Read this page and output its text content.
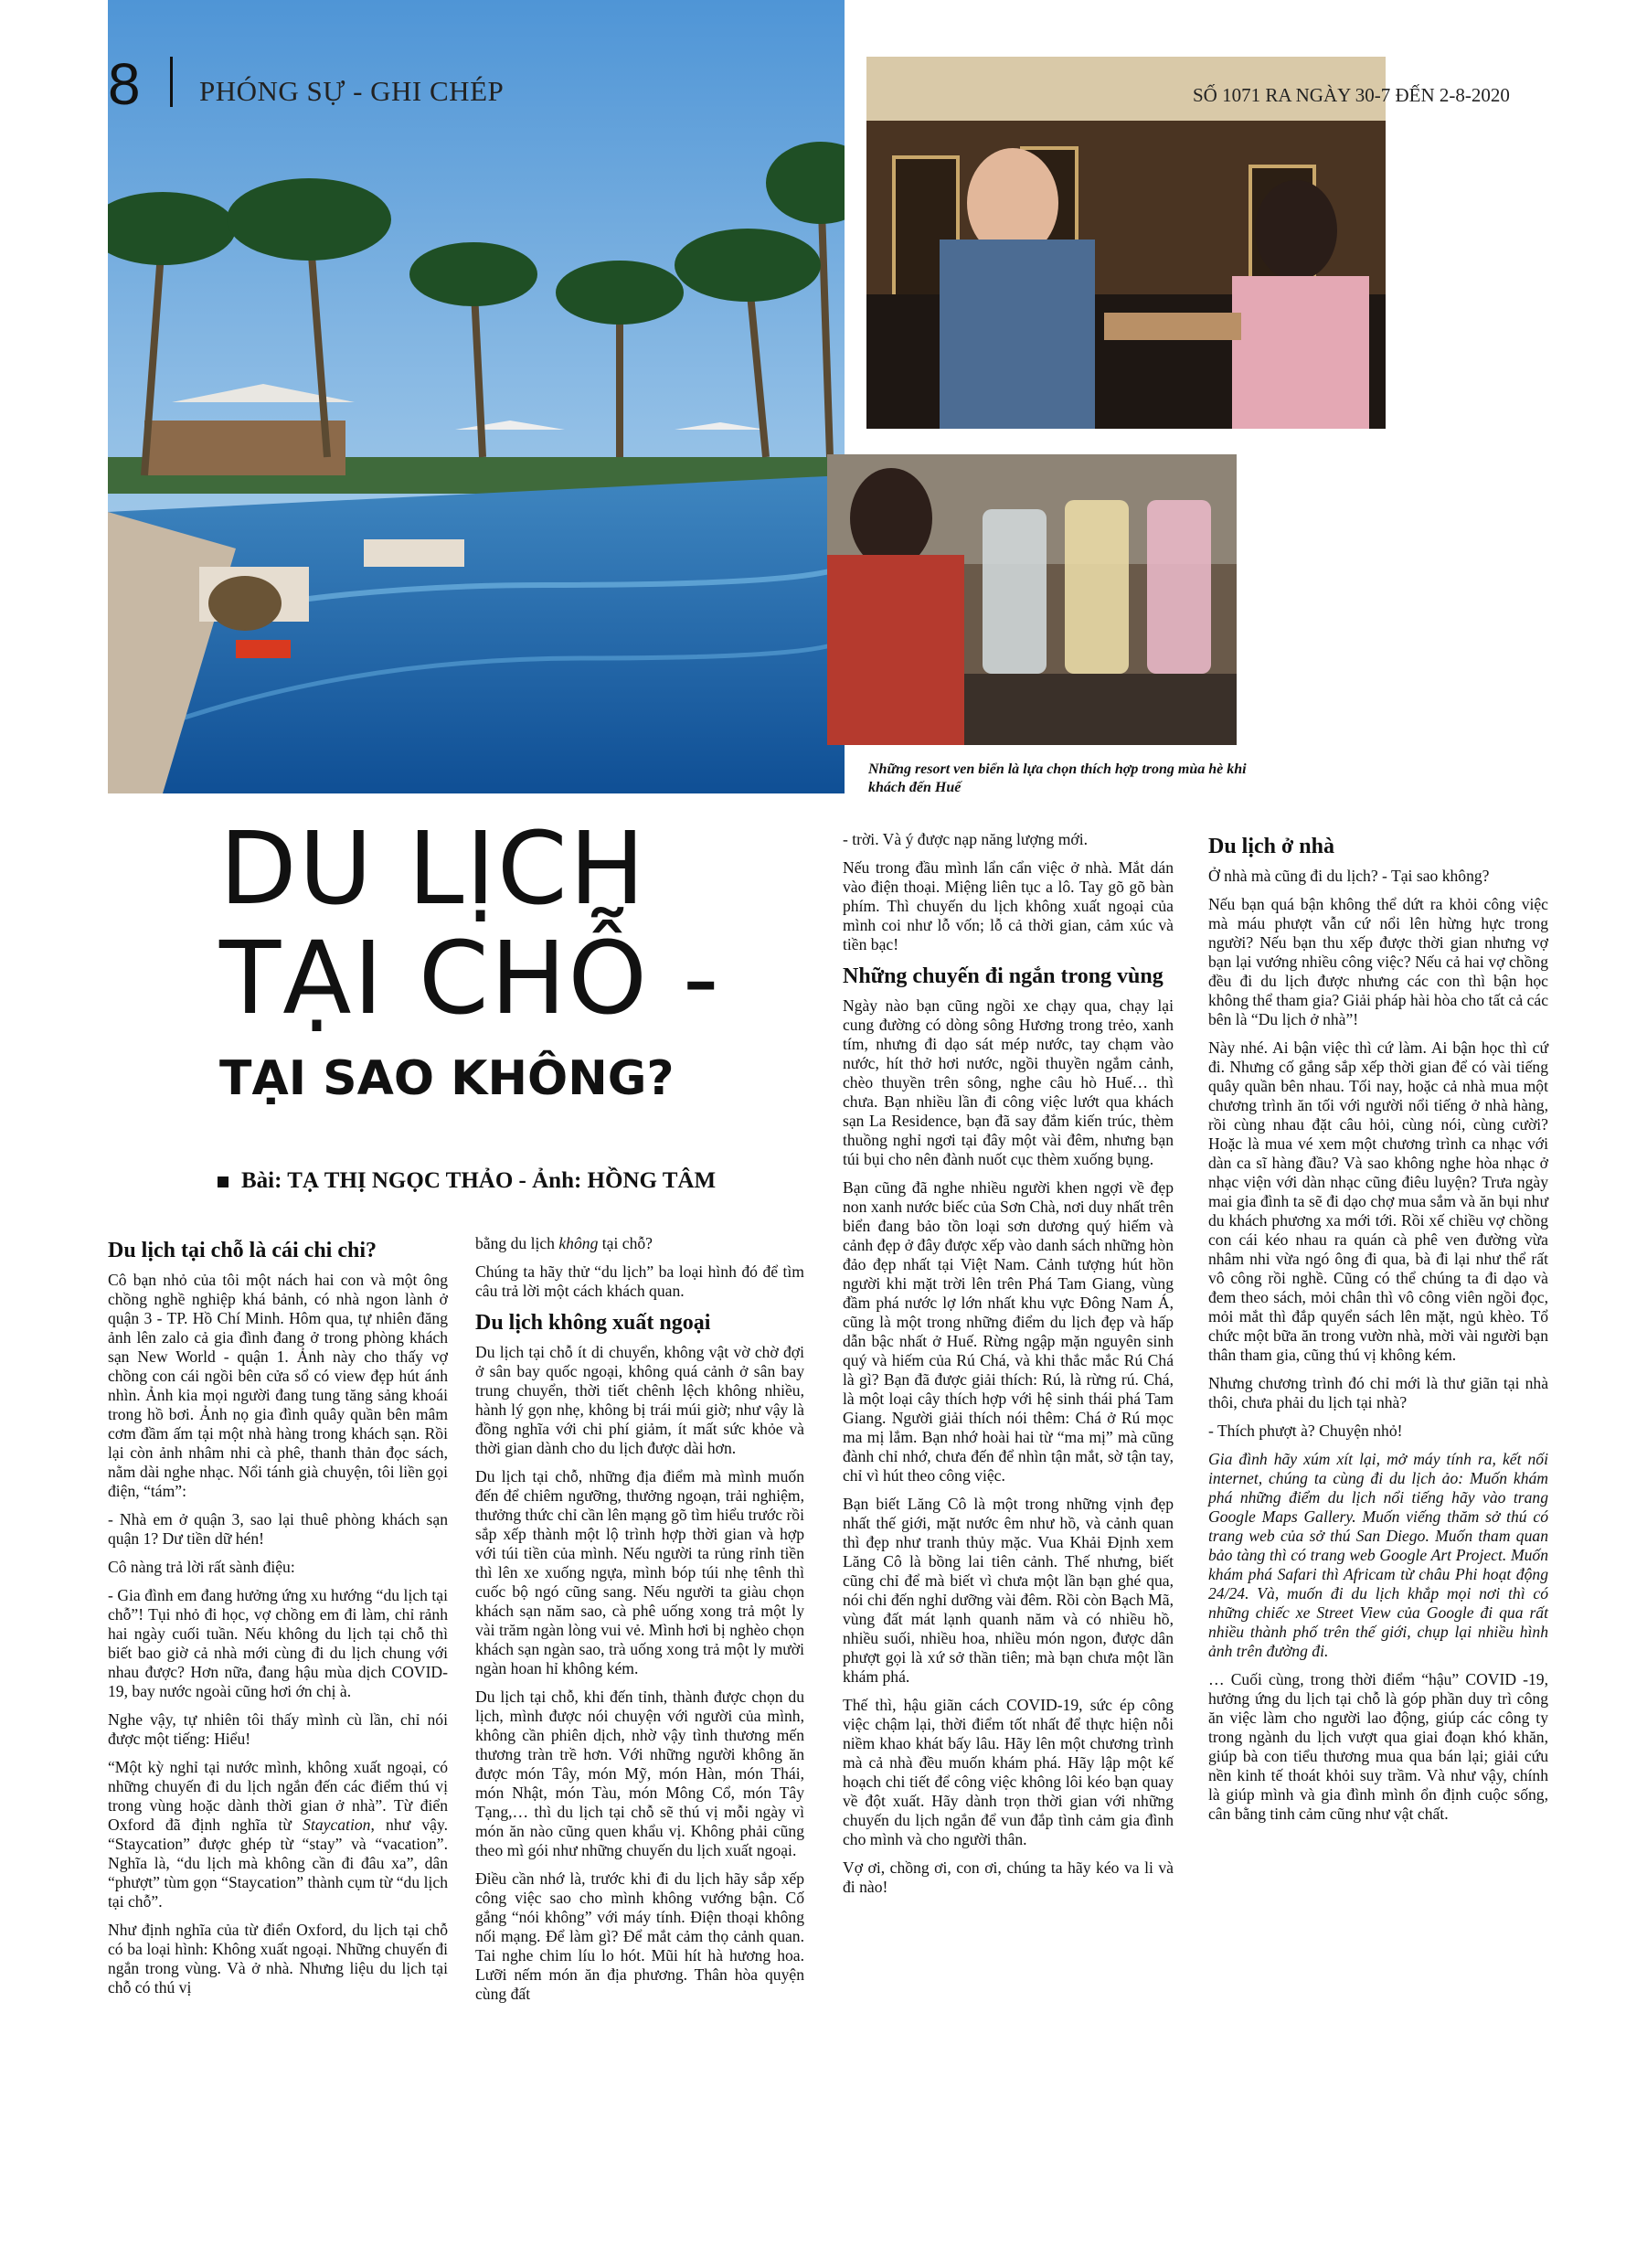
8 PHÓNG SỰ - GHI CHÉP	SỐ 1071 RA NGÀY 30-7 ĐẾN 2-8-2020
Những resort ven biển là lựa chọn thích hợp trong mùa hè khi khách đến Huế
DU LỊCH
TẠI CHỖ -
TẠI SAO KHÔNG?
Bài: TẠ THỊ NGỌC THẢO - Ảnh: HỒNG TÂM
Du lịch tại chỗ là cái chi chi?

Cô bạn nhỏ của tôi một nách hai con và một ông chồng nghề nghiệp khá bảnh, có nhà ngon lành ở quận 3 - TP. Hồ Chí Minh. Hôm qua, tự nhiên đăng ảnh lên zalo cả gia đình đang ở trong phòng khách sạn New World - quận 1. Ảnh này cho thấy vợ chồng con cái ngồi bên cửa sổ có view đẹp hút ánh nhìn. Ảnh kia mọi người đang tung tăng sảng khoái trong hồ bơi. Ảnh nọ gia đình quây quần bên mâm cơm đầm ấm tại một nhà hàng trong khách sạn. Rồi lại còn ảnh nhâm nhi cà phê, thanh thản đọc sách, nằm dài nghe nhạc. Nổi tánh già chuyện, tôi liền gọi điện, “tám”:

- Nhà em ở quận 3, sao lại thuê phòng khách sạn quận 1? Dư tiền dữ hén!

Cô nàng trả lời rất sành điệu:

- Gia đình em đang hưởng ứng xu hướng “du lịch tại chỗ”! Tụi nhỏ đi học, vợ chồng em đi làm, chỉ rảnh hai ngày cuối tuần. Nếu không du lịch tại chỗ thì biết bao giờ cả nhà mới cùng đi du lịch chung với nhau được? Hơn nữa, đang hậu mùa dịch COVID-19, bay nước ngoài cũng hơi ớn chị à.

Nghe vậy, tự nhiên tôi thấy mình cù lần, chỉ nói được một tiếng: Hiểu!

“Một kỳ nghỉ tại nước mình, không xuất ngoại, có những chuyến đi du lịch ngắn đến các điểm thú vị trong vùng hoặc dành thời gian ở nhà”. Từ điển Oxford đã định nghĩa từ Staycation, như vậy. “Staycation” được ghép từ “stay” và “vacation”. Nghĩa là, “du lịch mà không cần đi đâu xa”, dân “phượt” tùm gọn “Staycation” thành cụm từ “du lịch tại chỗ”.

Như định nghĩa của từ điển Oxford, du lịch tại chỗ có ba loại hình: Không xuất ngoại. Những chuyến đi ngắn trong vùng. Và ở nhà. Nhưng liệu du lịch tại chỗ có thú vị

bằng du lịch không tại chỗ?

Chúng ta hãy thử “du lịch” ba loại hình đó để tìm câu trả lời một cách khách quan.

Du lịch không xuất ngoại

Du lịch tại chỗ ít di chuyển, không vật vờ chờ đợi ở sân bay quốc ngoại, không quá cảnh ở sân bay trung chuyển, thời tiết chênh lệch không nhiều, hành lý gọn nhẹ, không bị trái múi giờ; như vậy là đồng nghĩa với chi phí giảm, ít mất sức khỏe và thời gian dành cho du lịch được dài hơn.

Du lịch tại chỗ, những địa điểm mà mình muốn đến để chiêm ngưỡng, thưởng ngoạn, trải nghiệm, thưởng thức chỉ cần lên mạng gõ tìm hiểu trước rồi sắp xếp thành một lộ trình hợp thời gian và hợp với túi tiền của mình. Nếu người ta rủng rỉnh tiền thì lên xe xuống ngựa, mình bóp túi nhẹ tênh thì cuốc bộ ngó cũng sang. Nếu người ta giàu chọn khách sạn năm sao, cà phê uống xong trả một ly vài trăm ngàn lòng vui vẻ. Mình hơi bị nghèo chọn khách sạn ngàn sao, trà uống xong trả một ly mười ngàn hoan hỉ không kém.

Du lịch tại chỗ, khi đến tỉnh, thành được chọn du lịch, mình được nói chuyện với người của mình, không cần phiên dịch, nhờ vậy tình thương mến thương tràn trề hơn. Với những người không ăn được món Tây, món Mỹ, món Hàn, món Thái, món Nhật, món Tàu, món Mông Cổ, món Tây Tạng,… thì du lịch tại chỗ sẽ thú vị mỗi ngày vì món ăn nào cũng quen khẩu vị. Không phải cũng theo mì gói như những chuyến du lịch xuất ngoại.

Điều cần nhớ là, trước khi đi du lịch hãy sắp xếp công việc sao cho mình không vướng bận. Cố gắng “nói không” với máy tính. Điện thoại không nối mạng. Để làm gì? Để mắt cảm thọ cảnh quan. Tai nghe chim líu lo hót. Mũi hít hà hương hoa. Lưỡi nếm món ăn địa phương. Thân hòa quyện cùng đất

- trời. Và ý được nạp năng lượng mới.

Nếu trong đầu mình lẩn cẩn việc ở nhà. Mắt dán vào điện thoại. Miệng liên tục a lô. Tay gõ gõ bàn phím. Thì chuyến du lịch không xuất ngoại của mình coi như lỗ vốn; lỗ cả thời gian, cảm xúc và tiền bạc!

Những chuyến đi ngắn trong vùng

Ngày nào bạn cũng ngồi xe chạy qua, chạy lại cung đường có dòng sông Hương trong trẻo, xanh tím, nhưng đi dạo sát mép nước, tay chạm vào nước, hít thở hơi nước, ngồi thuyền ngắm cảnh, chèo thuyền trên sông, nghe câu hò Huế… thì chưa. Bạn nhiều lần đi công việc lướt qua khách sạn La Residence, bạn đã say đắm kiến trúc, thèm thuồng nghỉ ngơi tại đây một vài đêm, nhưng bạn túi bụi cho nên đành nuốt cục thèm xuống bụng.

Bạn cũng đã nghe nhiều người khen ngợi về đẹp non xanh nước biếc của Sơn Chà, nơi duy nhất trên biển đang bảo tồn loại sơn dương quý hiếm và cảnh đẹp ở đây được xếp vào danh sách những hòn đảo đẹp nhất tại Việt Nam. Cảnh tượng hút hồn người khi mặt trời lên trên Phá Tam Giang, vùng đầm phá nước lợ lớn nhất khu vực Đông Nam Á, cũng là một trong những điểm du lịch đẹp và hấp dẫn bậc nhất ở Huế. Rừng ngập mặn nguyên sinh quý và hiếm của Rú Chá, và khi thắc mắc Rú Chá là gì? Bạn đã được giải thích: Rú, là rừng rú. Chá, là một loại cây thích hợp với hệ sinh thái phá Tam Giang. Người giải thích nói thêm: Chá ở Rú mọc ma mị lắm. Bạn nhớ hoài hai từ “ma mị” mà cũng đành chỉ nhớ, chưa đến để nhìn tận mắt, sờ tận tay, chỉ vì hút theo công việc.

Bạn biết Lăng Cô là một trong những vịnh đẹp nhất thế giới, mặt nước êm như hồ, và cảnh quan thì đẹp như tranh thủy mặc. Vua Khải Định xem Lăng Cô là bồng lai tiên cảnh. Thế nhưng, biết cũng chỉ để mà biết vì chưa một lần bạn ghé qua, nói chi đến nghỉ dưỡng vài đêm. Rồi còn Bạch Mã, vùng đất mát lạnh quanh năm và có nhiều hồ, nhiều suối, nhiều hoa, nhiều món ngon, được dân phượt gọi là xứ sở thần tiên; mà bạn chưa một lần khám phá.

Thế thì, hậu giãn cách COVID-19, sức ép công việc chậm lại, thời điểm tốt nhất để thực hiện nỗi niềm khao khát bấy lâu. Hãy lên một chương trình mà cả nhà đều muốn khám phá. Hãy lập một kế hoạch chi tiết để công việc không lôi kéo bạn quay về đột xuất. Hãy dành trọn thời gian với những chuyến du lịch ngắn để vun đắp tình cảm gia đình cho mình và cho người thân.

Vợ ơi, chồng ơi, con ơi, chúng ta hãy kéo va li và đi nào!

Du lịch ở nhà

Ở nhà mà cũng đi du lịch? - Tại sao không?

Nếu bạn quá bận không thể dứt ra khỏi công việc mà máu phượt vẫn cứ nổi lên hừng hực trong người? Nếu bạn thu xếp được thời gian nhưng vợ bạn lại vướng nhiều công việc? Nếu cả hai vợ chồng đều đi du lịch được nhưng các con thì bận học không thể tham gia? Giải pháp hài hòa cho tất cả các bên là “Du lịch ở nhà”!

Này nhé. Ai bận việc thì cứ làm. Ai bận học thì cứ đi. Nhưng cố gắng sắp xếp thời gian để có vài tiếng quây quần bên nhau. Tối nay, hoặc cả nhà mua một chương trình ăn tối với người nổi tiếng ở nhà hàng, rồi cùng nhau đặt câu hỏi, cùng nói, cùng cười? Hoặc là mua vé xem một chương trình ca nhạc với dàn ca sĩ hàng đầu? Và sao không nghe hòa nhạc ở nhạc viện với dàn nhạc cũng điêu luyện? Trưa ngày mai gia đình ta sẽ đi dạo chợ mua sắm và ăn bụi như du khách phương xa mới tới. Rồi xế chiều vợ chồng con cái kéo nhau ra quán cà phê ven đường vừa nhâm nhi vừa ngó ông đi qua, bà đi lại như thể rất vô công rồi nghề. Cũng có thể chúng ta đi dạo và đem theo sách, mỏi chân thì vô công viên ngồi đọc, mỏi mắt thì đắp quyển sách lên mặt, ngủ khèo. Tổ chức một bữa ăn trong vườn nhà, mời vài người bạn thân tham gia, cũng thú vị không kém.

Nhưng chương trình đó chỉ mới là thư giãn tại nhà thôi, chưa phải du lịch tại nhà?

- Thích phượt à? Chuyện nhỏ!

Gia đình hãy xúm xít lại, mở máy tính ra, kết nối internet, chúng ta cùng đi du lịch ảo: Muốn khám phá những điểm du lịch nổi tiếng hãy vào trang Google Maps Gallery. Muốn viếng thăm sở thú có trang web của sở thú San Diego. Muốn tham quan bảo tàng thì có trang web Google Art Project. Muốn khám phá Safari thì Africam từ châu Phi hoạt động 24/24. Và, muốn đi du lịch khắp mọi nơi thì có những chiếc xe Street View của Google đi qua rất nhiều thành phố trên thế giới, chụp lại nhiều hình ảnh trên đường đi.

… Cuối cùng, trong thời điểm “hậu” COVID -19, hưởng ứng du lịch tại chỗ là góp phần duy trì công ăn việc làm cho người lao động, giúp các công ty trong ngành du lịch vượt qua giai đoạn khó khăn, giúp bà con tiểu thương mua qua bán lại; giải cứu nền kinh tế thoát khỏi suy trầm. Và như vậy, chính là giúp mình và gia đình mình ổn định cuộc sống, cân bằng tinh cảm cũng như vật chất.
